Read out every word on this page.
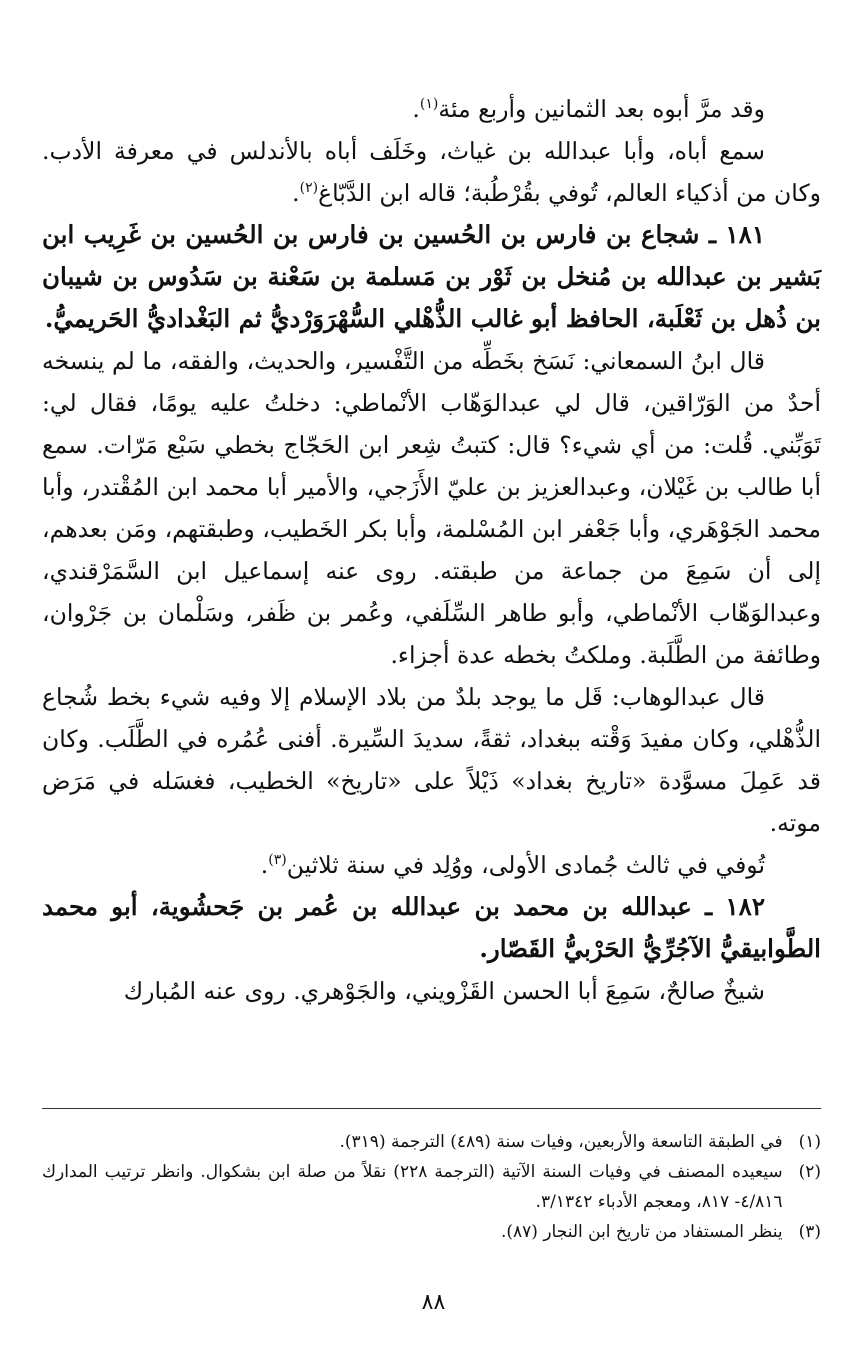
وقد مرَّ أبوه بعد الثمانين وأربع مئة$^{(١)}$.

سمع أباه، وأبا عبدالله بن غياث، وخَلَف أباه بالأندلس في معرفة الأدب. وكان من أذكياء العالم، تُوفي بقُرْطُبة؛ قاله ابن الدَّبّاغ$^{(٢)}$.

١٨١ ـ شجاع بن فارس بن الحُسين بن فارس بن الحُسين بن غَرِيب ابن بَشير بن عبدالله بن مُنخل بن ثَوْر بن مَسلمة بن سَعْنة بن سَدُوس بن شيبان بن ذُهل بن ثَعْلَبة، الحافظ أبو غالب الذُّهْلي السُّهْرَوَرْديُّ ثم البَغْداديُّ الحَريميُّ.

قال ابنُ السمعاني: نَسَخ بخَطِّه من التَّفْسير، والحديث، والفقه، ما لم ينسخه أحدٌ من الوَرّاقين، قال لي عبدالوَهّاب الأنْماطي: دخلتُ عليه يومًا، فقال لي: تَوَبِّني. قُلت: من أي شيء؟ قال: كتبتُ شِعر ابن الحَجّاج بخطي سَبْع مَرّات. سمع أبا طالب بن غَيْلان، وعبدالعزيز بن عليّ الأَزَجي، والأمير أبا محمد ابن المُقْتدر، وأبا محمد الجَوْهَري، وأبا جَعْفر ابن المُسْلمة، وأبا بكر الخَطيب، وطبقتهم، ومَن بعدهم، إلى أن سَمِعَ من جماعة من طبقته. روى عنه إسماعيل ابن السَّمَرْقندي، وعبدالوَهّاب الأنْماطي، وأبو طاهر السِّلَفي، وعُمر بن ظَفر، وسَلْمان بن جَرْوان، وطائفة من الطَّلَبة. وملكتُ بخطه عدة أجزاء.

قال عبدالوهاب: قَل ما يوجد بلدٌ من بلاد الإسلام إلا وفيه شيء بخط شُجاع الذُّهْلي، وكان مفيدَ وَقْته ببغداد، ثقةً، سديدَ السِّيرة. أفنى عُمُره في الطَّلَب. وكان قد عَمِلَ مسوَّدة «تاريخ بغداد» ذَيْلاً على «تاريخ» الخطيب، فغسَله في مَرَض موته.

تُوفي في ثالث جُمادى الأولى، ووُلِد في سنة ثلاثين$^{(٣)}$.

١٨٢ ـ عبدالله بن محمد بن عبدالله بن عُمر بن جَحشُوية، أبو محمد الطَّوابيقيُّ الآجُرِّيُّ الحَرْبيُّ القَصّار.

شيخٌ صالحٌ، سَمِعَ أبا الحسن القَزْويني، والجَوْهري. روى عنه المُبارك

(١)
في الطبقة التاسعة والأربعين، وفيات سنة (٤٨٩) الترجمة (٣١٩).

(٢)
سيعيده المصنف في وفيات السنة الآتية (الترجمة ٢٢٨) نقلاً من صلة ابن بشكوال. وانظر ترتيب المدارك ٤/٨١٦- ٨١٧، ومعجم الأدباء ٣/١٣٤٢.

(٣)
ينظر المستفاد من تاريخ ابن النجار (٨٧).

٨٨
